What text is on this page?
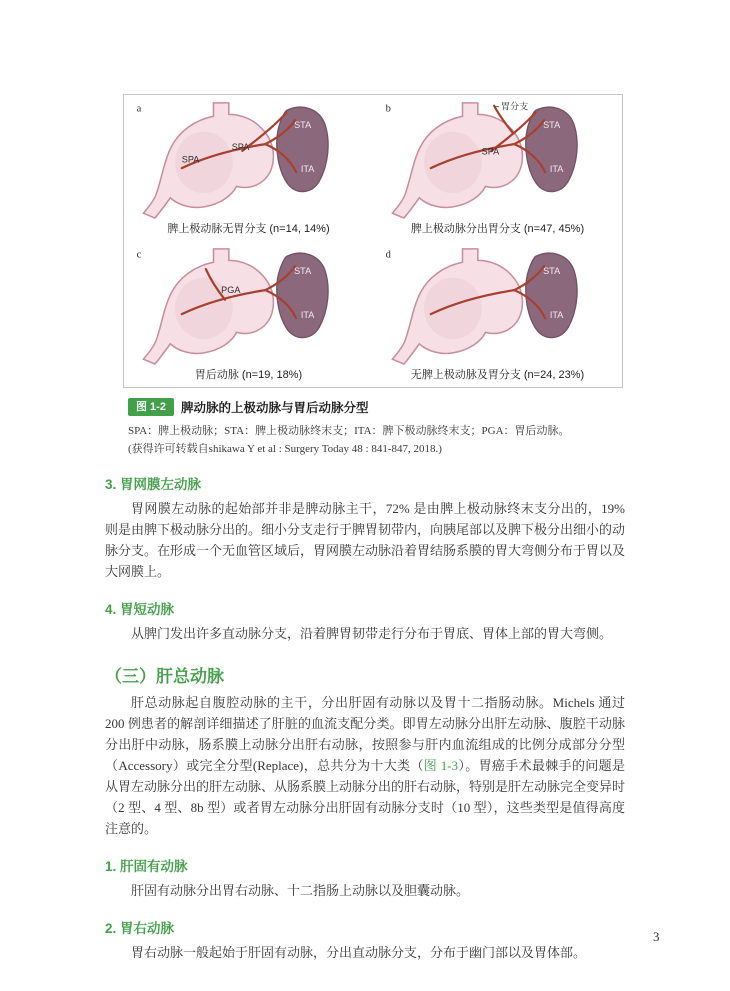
a
SPA
SPA
STA
ITA
脾上极动脉无胃分支 (n=14, 14%)
b	胃分支
SPA
STA
ITA
脾上极动脉分出胃分支 (n=47, 45%)
c
PGA
STA
ITA
胃后动脉 (n=19, 18%)
d
STA
ITA
无脾上极动脉及胃分支 (n=24, 23%)
图 1-2	脾动脉的上极动脉与胃后动脉分型
SPA：脾上极动脉；STA：脾上极动脉终末支；ITA：脾下极动脉终末支；PGA：胃后动脉。
(获得许可转载自shikawa Y et al : Surgery Today 48 : 841-847, 2018.)
3. 胃网膜左动脉

胃网膜左动脉的起始部并非是脾动脉主干，72% 是由脾上极动脉终末支分出的，19% 则是由脾下极动脉分出的。细小分支走行于脾胃韧带内，向胰尾部以及脾下极分出细小的动脉分支。在形成一个无血管区域后，胃网膜左动脉沿着胃结肠系膜的胃大弯侧分布于胃以及大网膜上。

4. 胃短动脉

从脾门发出许多直动脉分支，沿着脾胃韧带走行分布于胃底、胃体上部的胃大弯侧。

（三）肝总动脉

肝总动脉起自腹腔动脉的主干，分出肝固有动脉以及胃十二指肠动脉。Michels 通过 200 例患者的解剖详细描述了肝脏的血流支配分类。即胃左动脉分出肝左动脉、腹腔干动脉分出肝中动脉，肠系膜上动脉分出肝右动脉，按照参与肝内血流组成的比例分成部分分型（Accessory）或完全分型(Replace)，总共分为十大类（图 1-3）。胃癌手术最棘手的问题是从胃左动脉分出的肝左动脉、从肠系膜上动脉分出的肝右动脉，特别是肝左动脉完全变异时（2 型、4 型、8b 型）或者胃左动脉分出肝固有动脉分支时（10 型），这些类型是值得高度注意的。

1. 肝固有动脉

肝固有动脉分出胃右动脉、十二指肠上动脉以及胆囊动脉。

2. 胃右动脉

胃右动脉一般起始于肝固有动脉，分出直动脉分支，分布于幽门部以及胃体部。

3
